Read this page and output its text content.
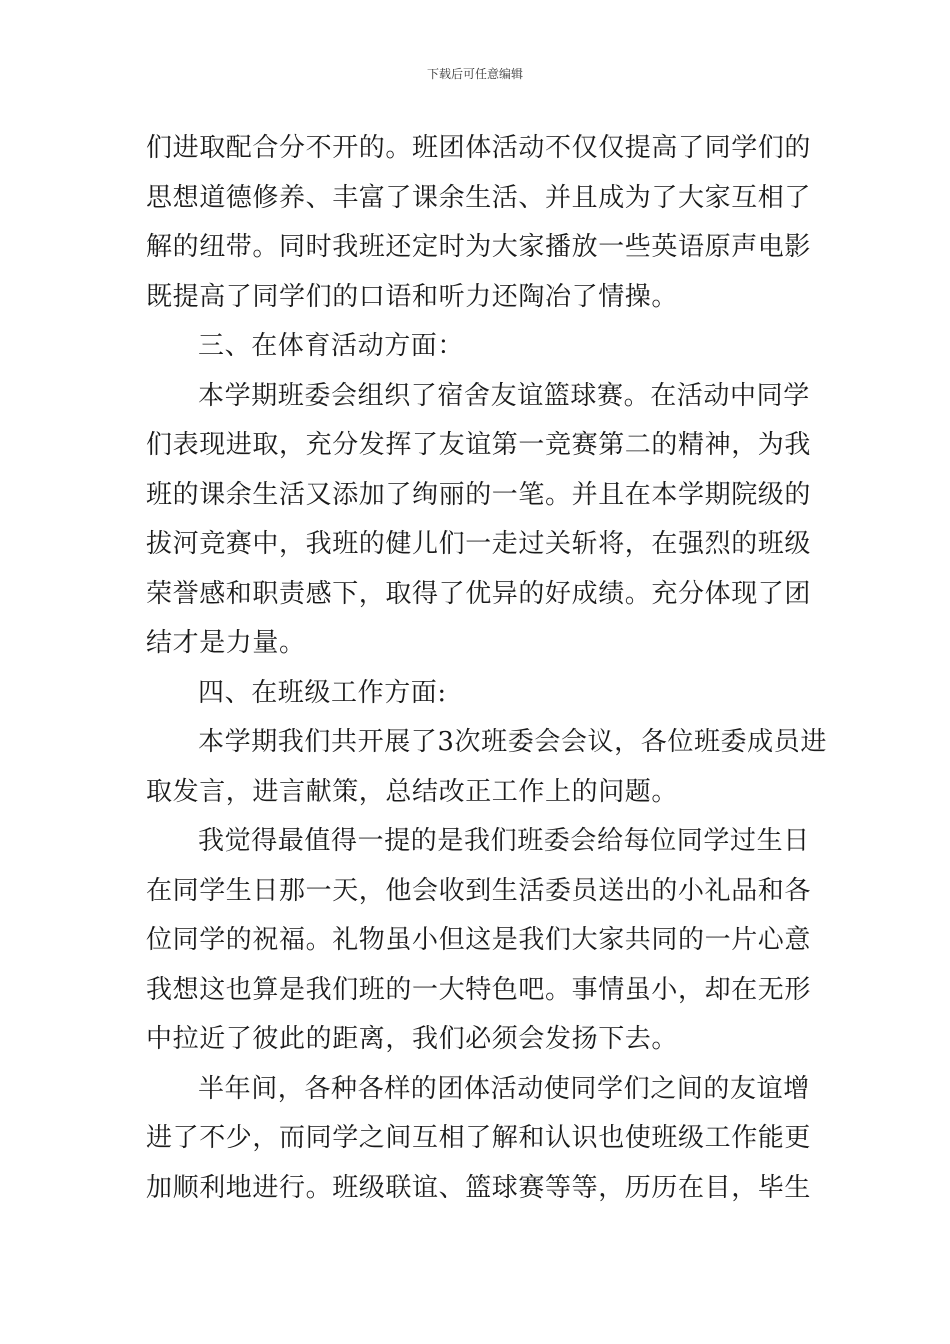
下载后可任意编辑
们进取配合分不开的。班团体活动不仅仅提高了同学们的
思想道德修养、丰富了课余生活、并且成为了大家互相了
解的纽带。同时我班还定时为大家播放一些英语原声电影
既提高了同学们的口语和听力还陶冶了情操。
三、在体育活动方面：
本学期班委会组织了宿舍友谊篮球赛。在活动中同学
们表现进取，充分发挥了友谊第一竞赛第二的精神，为我
班的课余生活又添加了绚丽的一笔。并且在本学期院级的
拔河竞赛中，我班的健儿们一走过关斩将，在强烈的班级
荣誉感和职责感下，取得了优异的好成绩。充分体现了团
结才是力量。
四、在班级工作方面:
本学期我们共开展了3次班委会会议，各位班委成员进
取发言，进言献策，总结改正工作上的问题。
我觉得最值得一提的是我们班委会给每位同学过生日
在同学生日那一天，他会收到生活委员送出的小礼品和各
位同学的祝福。礼物虽小但这是我们大家共同的一片心意
我想这也算是我们班的一大特色吧。事情虽小，却在无形
中拉近了彼此的距离，我们必须会发扬下去。
半年间，各种各样的团体活动使同学们之间的友谊增
进了不少，而同学之间互相了解和认识也使班级工作能更
加顺利地进行。班级联谊、篮球赛等等，历历在目，毕生
